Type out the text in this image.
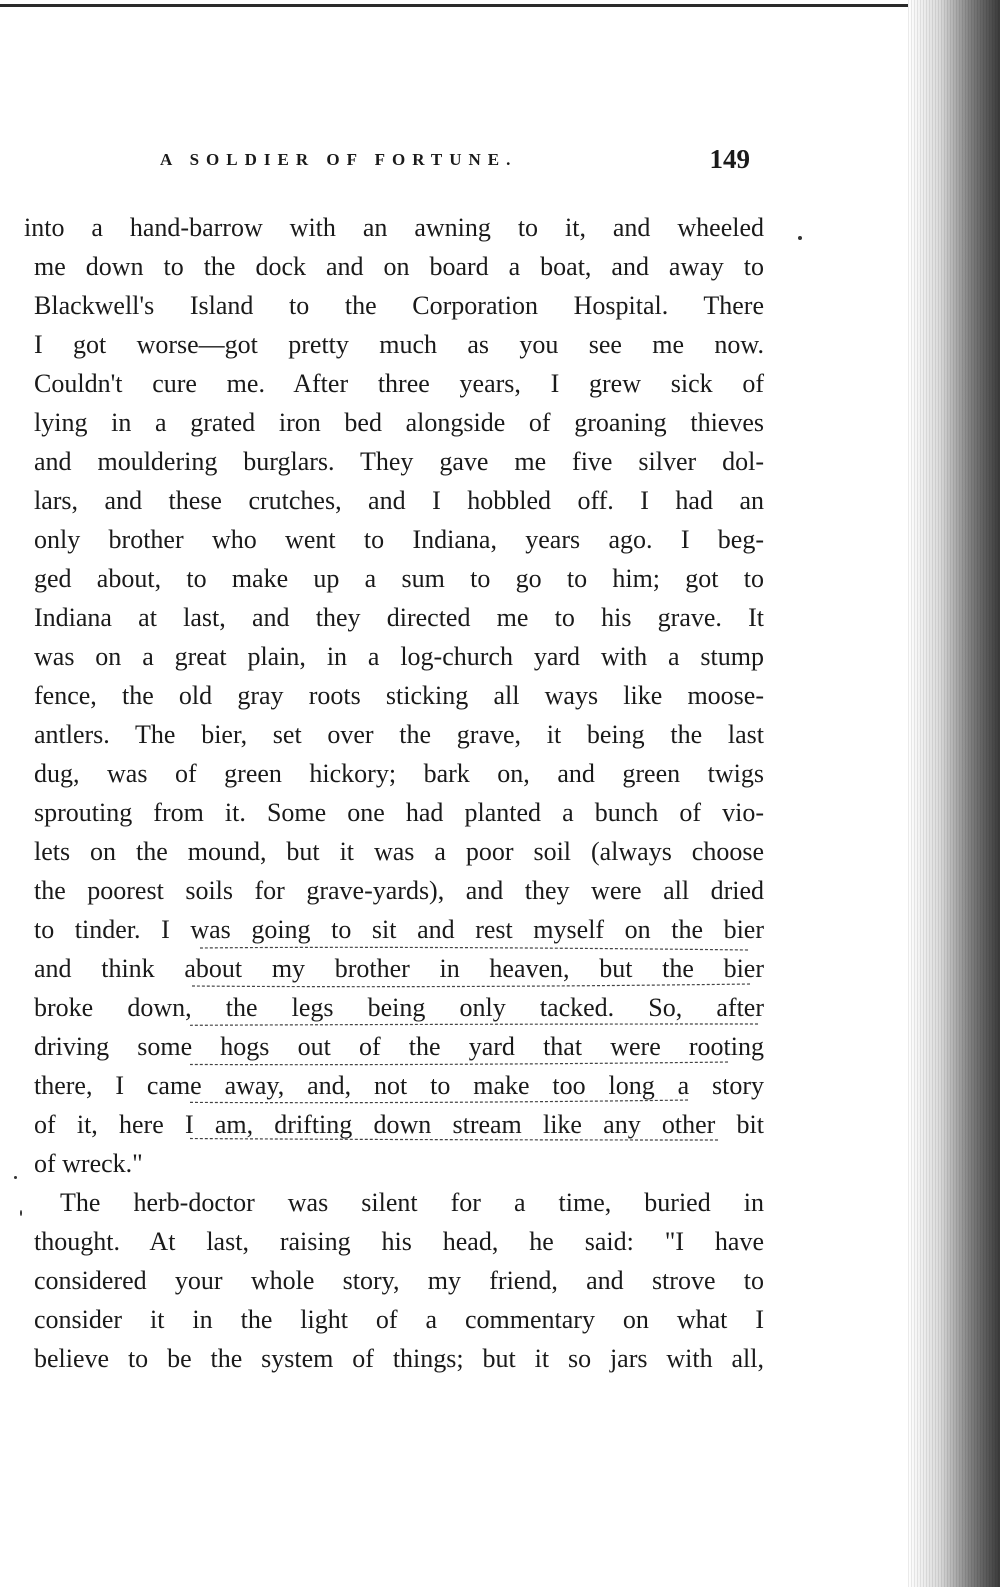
A SOLDIER OF FORTUNE.	149
into a hand-barrow with an awning to it, and wheeled
me down to the dock and on board a boat, and away to
Blackwell's Island to the Corporation Hospital. There
I got worse—got pretty much as you see me now.
Couldn't cure me. After three years, I grew sick of
lying in a grated iron bed alongside of groaning thieves
and mouldering burglars. They gave me five silver dol-
lars, and these crutches, and I hobbled off. I had an
only brother who went to Indiana, years ago. I beg-
ged about, to make up a sum to go to him; got to
Indiana at last, and they directed me to his grave. It
was on a great plain, in a log-church yard with a stump
fence, the old gray roots sticking all ways like moose-
antlers. The bier, set over the grave, it being the last
dug, was of green hickory; bark on, and green twigs
sprouting from it. Some one had planted a bunch of vio-
lets on the mound, but it was a poor soil (always choose
the poorest soils for grave-yards), and they were all dried
to tinder. I was going to sit and rest myself on the bier
and think about my brother in heaven, but the bier
broke down, the legs being only tacked. So, after
driving some hogs out of the yard that were rooting
there, I came away, and, not to make too long a story
of it, here I am, drifting down stream like any other bit
of wreck."
The herb-doctor was silent for a time, buried in
thought. At last, raising his head, he said: "I have
considered your whole story, my friend, and strove to
consider it in the light of a commentary on what I
believe to be the system of things; but it so jars with all,
